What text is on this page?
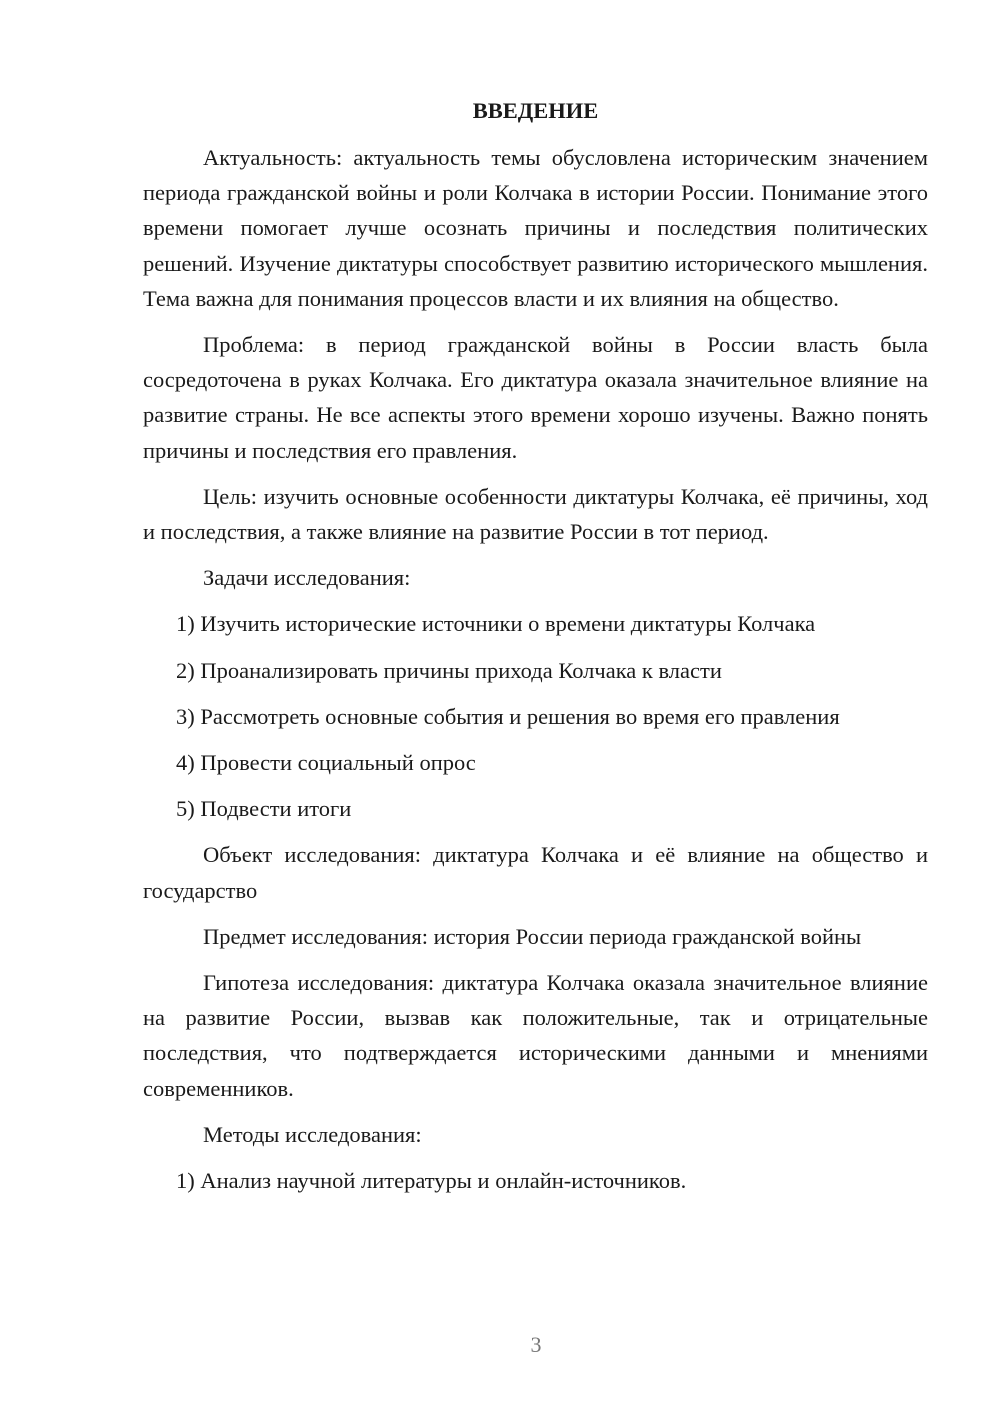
ВВЕДЕНИЕ

Актуальность: актуальность темы обусловлена историческим значением периода гражданской войны и роли Колчака в истории России. Понимание этого времени помогает лучше осознать причины и последствия политических решений. Изучение диктатуры способствует развитию исторического мышления. Тема важна для понимания процессов власти и их влияния на общество.

Проблема: в период гражданской войны в России власть была сосредоточена в руках Колчака. Его диктатура оказала значительное влияние на развитие страны. Не все аспекты этого времени хорошо изучены. Важно понять причины и последствия его правления.

Цель: изучить основные особенности диктатуры Колчака, её причины, ход и последствия, а также влияние на развитие России в тот период.

Задачи исследования:

1) Изучить исторические источники о времени диктатуры Колчака

2) Проанализировать причины прихода Колчака к власти

3) Рассмотреть основные события и решения во время его правления

4) Провести социальный опрос

5) Подвести итоги

Объект исследования: диктатура Колчака и её влияние на общество и государство

Предмет исследования: история России периода гражданской войны

Гипотеза исследования: диктатура Колчака оказала значительное влияние на развитие России, вызвав как положительные, так и отрицательные последствия, что подтверждается историческими данными и мнениями современников.

Методы исследования:

1) Анализ научной литературы и онлайн-источников.

3
